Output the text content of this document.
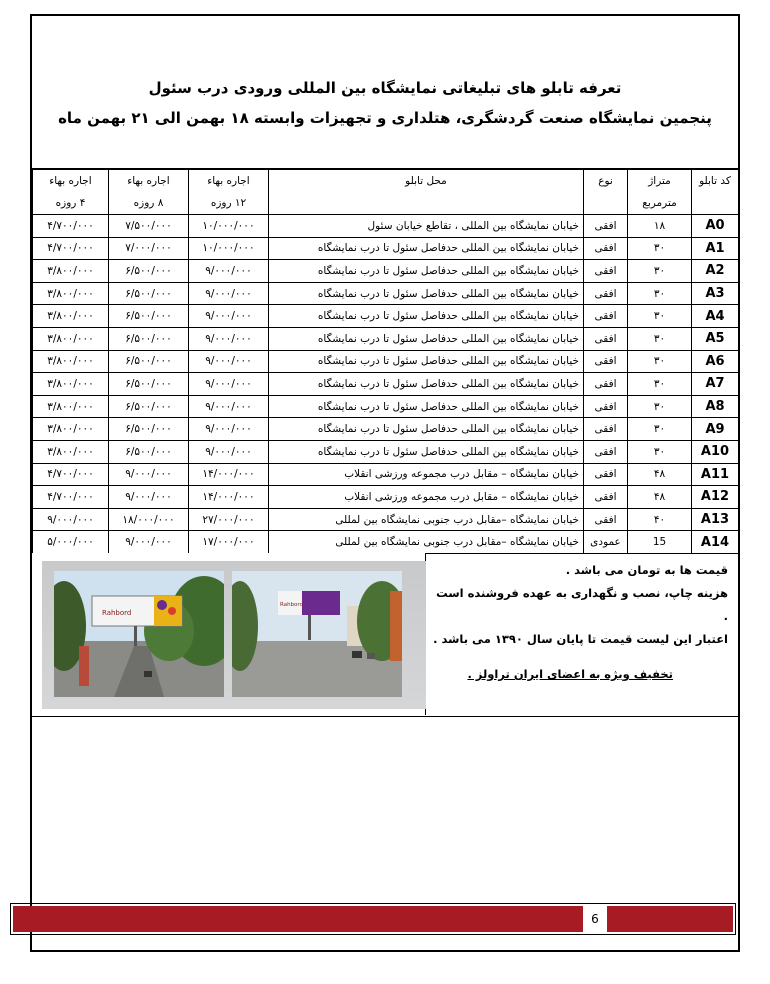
تعرفه تابلو های تبلیغاتی نمایشگاه بین المللی ورودی درب سئول
پنجمین نمایشگاه صنعت گردشگری، هتلداری و تجهیزات وابسته ۱۸ بهمن الی ۲۱ بهمن ماه
کد تابلو	متراژ	نوع	محل تابلو	اجاره بهاء	اجاره بهاء	اجاره بهاء
	مترمربع			۱۲ روزه	۸ روزه	۴ روزه
A0	۱۸	افقی	خیابان نمایشگاه بین المللی ، تقاطع خیابان سئول	۱۰/۰۰۰/۰۰۰	۷/۵۰۰/۰۰۰	۴/۷۰۰/۰۰۰
A1	۳۰	افقی	خیابان نمایشگاه بین المللی حدفاصل سئول تا درب نمایشگاه	۱۰/۰۰۰/۰۰۰	۷/۰۰۰/۰۰۰	۴/۷۰۰/۰۰۰
A2	۳۰	افقی	خیابان نمایشگاه بین المللی حدفاصل سئول تا درب نمایشگاه	۹/۰۰۰/۰۰۰	۶/۵۰۰/۰۰۰	۳/۸۰۰/۰۰۰
A3	۳۰	افقی	خیابان نمایشگاه بین المللی حدفاصل سئول تا درب نمایشگاه	۹/۰۰۰/۰۰۰	۶/۵۰۰/۰۰۰	۳/۸۰۰/۰۰۰
A4	۳۰	افقی	خیابان نمایشگاه بین المللی حدفاصل سئول تا درب نمایشگاه	۹/۰۰۰/۰۰۰	۶/۵۰۰/۰۰۰	۳/۸۰۰/۰۰۰
A5	۳۰	افقی	خیابان نمایشگاه بین المللی حدفاصل سئول تا درب نمایشگاه	۹/۰۰۰/۰۰۰	۶/۵۰۰/۰۰۰	۳/۸۰۰/۰۰۰
A6	۳۰	افقی	خیابان نمایشگاه بین المللی حدفاصل سئول تا درب نمایشگاه	۹/۰۰۰/۰۰۰	۶/۵۰۰/۰۰۰	۳/۸۰۰/۰۰۰
A7	۳۰	افقی	خیابان نمایشگاه بین المللی حدفاصل سئول تا درب نمایشگاه	۹/۰۰۰/۰۰۰	۶/۵۰۰/۰۰۰	۳/۸۰۰/۰۰۰
A8	۳۰	افقی	خیابان نمایشگاه بین المللی حدفاصل سئول تا درب نمایشگاه	۹/۰۰۰/۰۰۰	۶/۵۰۰/۰۰۰	۳/۸۰۰/۰۰۰
A9	۳۰	افقی	خیابان نمایشگاه بین المللی حدفاصل سئول تا درب نمایشگاه	۹/۰۰۰/۰۰۰	۶/۵۰۰/۰۰۰	۳/۸۰۰/۰۰۰
A10	۳۰	افقی	خیابان نمایشگاه بین المللی حدفاصل سئول تا درب نمایشگاه	۹/۰۰۰/۰۰۰	۶/۵۰۰/۰۰۰	۳/۸۰۰/۰۰۰
A11	۴۸	افقی	خیابان نمایشگاه – مقابل درب مجموعه ورزشی انقلاب	۱۴/۰۰۰/۰۰۰	۹/۰۰۰/۰۰۰	۴/۷۰۰/۰۰۰
A12	۴۸	افقی	خیابان نمایشگاه – مقابل درب مجموعه ورزشی انقلاب	۱۴/۰۰۰/۰۰۰	۹/۰۰۰/۰۰۰	۴/۷۰۰/۰۰۰
A13	۴۰	افقی	خیابان نمایشگاه –مقابل درب جنوبی نمایشگاه بین لمللی	۲۷/۰۰۰/۰۰۰	۱۸/۰۰۰/۰۰۰	۹/۰۰۰/۰۰۰
A14	15	عمودی	خیابان نمایشگاه –مقابل درب جنوبی نمایشگاه بین لمللی	۱۷/۰۰۰/۰۰۰	۹/۰۰۰/۰۰۰	۵/۰۰۰/۰۰۰
Rahbord
Rahbord
قیمت ها به تومان می باشد .
هزینه چاپ، نصب و نگهداری به عهده فروشنده است .
اعتبار این لیست قیمت تا پایان سال ۱۳۹۰ می باشد .
تخفیف ویژه به اعضای ایران تراولز .
6
